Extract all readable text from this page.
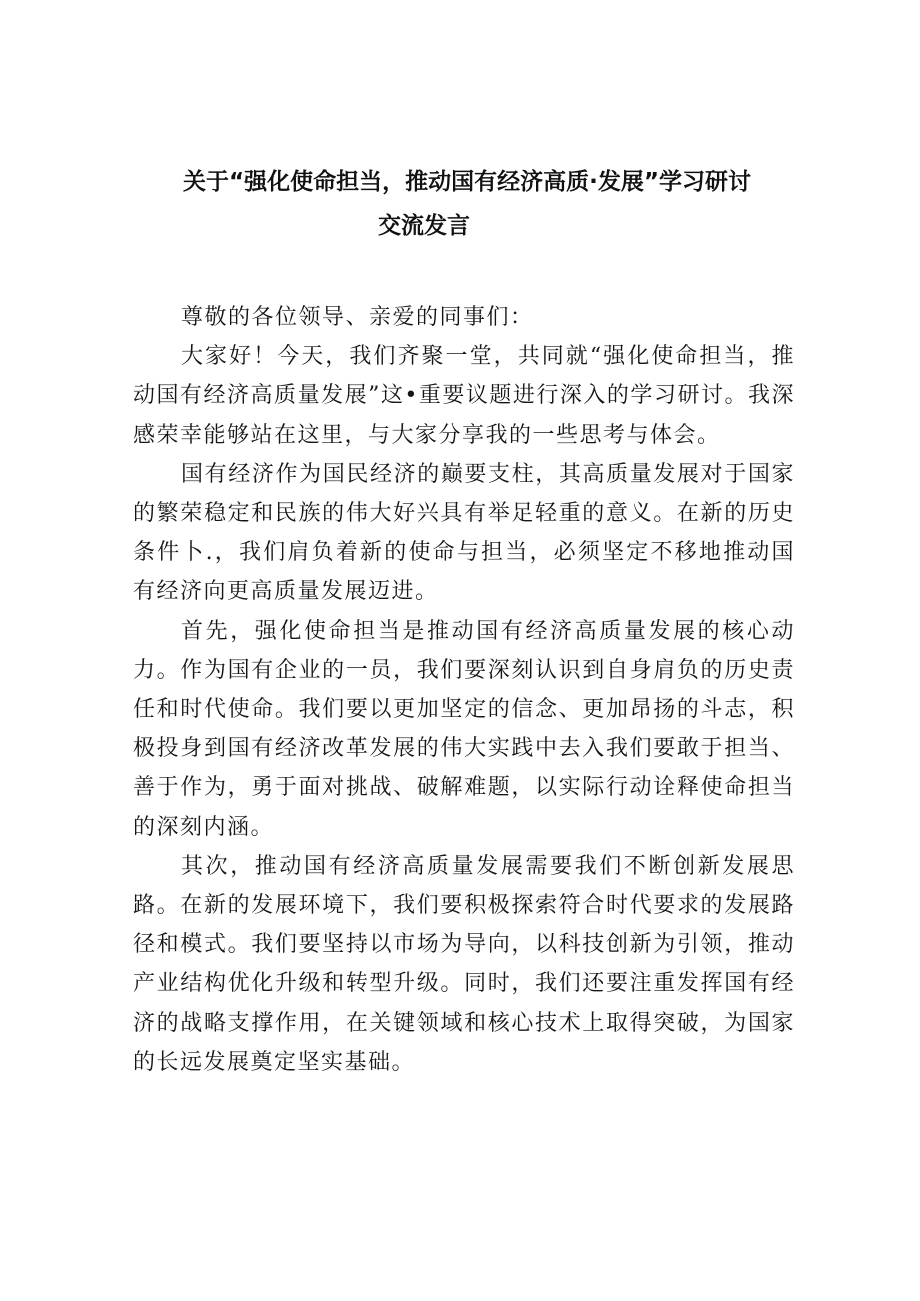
关于“强化使命担当，推动国有经济高质·发展”学习研讨
交流发言

尊敬的各位领导、亲爱的同事们：

大家好！今天，我们齐聚一堂，共同就“强化使命担当，推动国有经济高质量发展”这•重要议题进行深入的学习研讨。我深感荣幸能够站在这里，与大家分享我的一些思考与体会。

国有经济作为国民经济的巅要支柱，其高质量发展对于国家的繁荣稳定和民族的伟大好兴具有举足轻重的意义。在新的历史条件卜.，我们肩负着新的使命与担当，必须坚定不移地推动国有经济向更高质量发展迈进。

首先，强化使命担当是推动国有经济高质量发展的核心动力。作为国有企业的一员，我们要深刻认识到自身肩负的历史责任和时代使命。我们要以更加坚定的信念、更加昂扬的斗志，积极投身到国有经济改革发展的伟大实践中去入我们要敢于担当、善于作为，勇于面对挑战、破解难题，以实际行动诠释使命担当的深刻内涵。

其次，推动国有经济高质量发展需要我们不断创新发展思路。在新的发展环境下，我们要积极探索符合时代要求的发展路径和模式。我们要坚持以市场为导向，以科技创新为引领，推动产业结构优化升级和转型升级。同时，我们还要注重发挥国有经济的战略支撑作用，在关键领域和核心技术上取得突破，为国家的长远发展奠定坚实基础。
